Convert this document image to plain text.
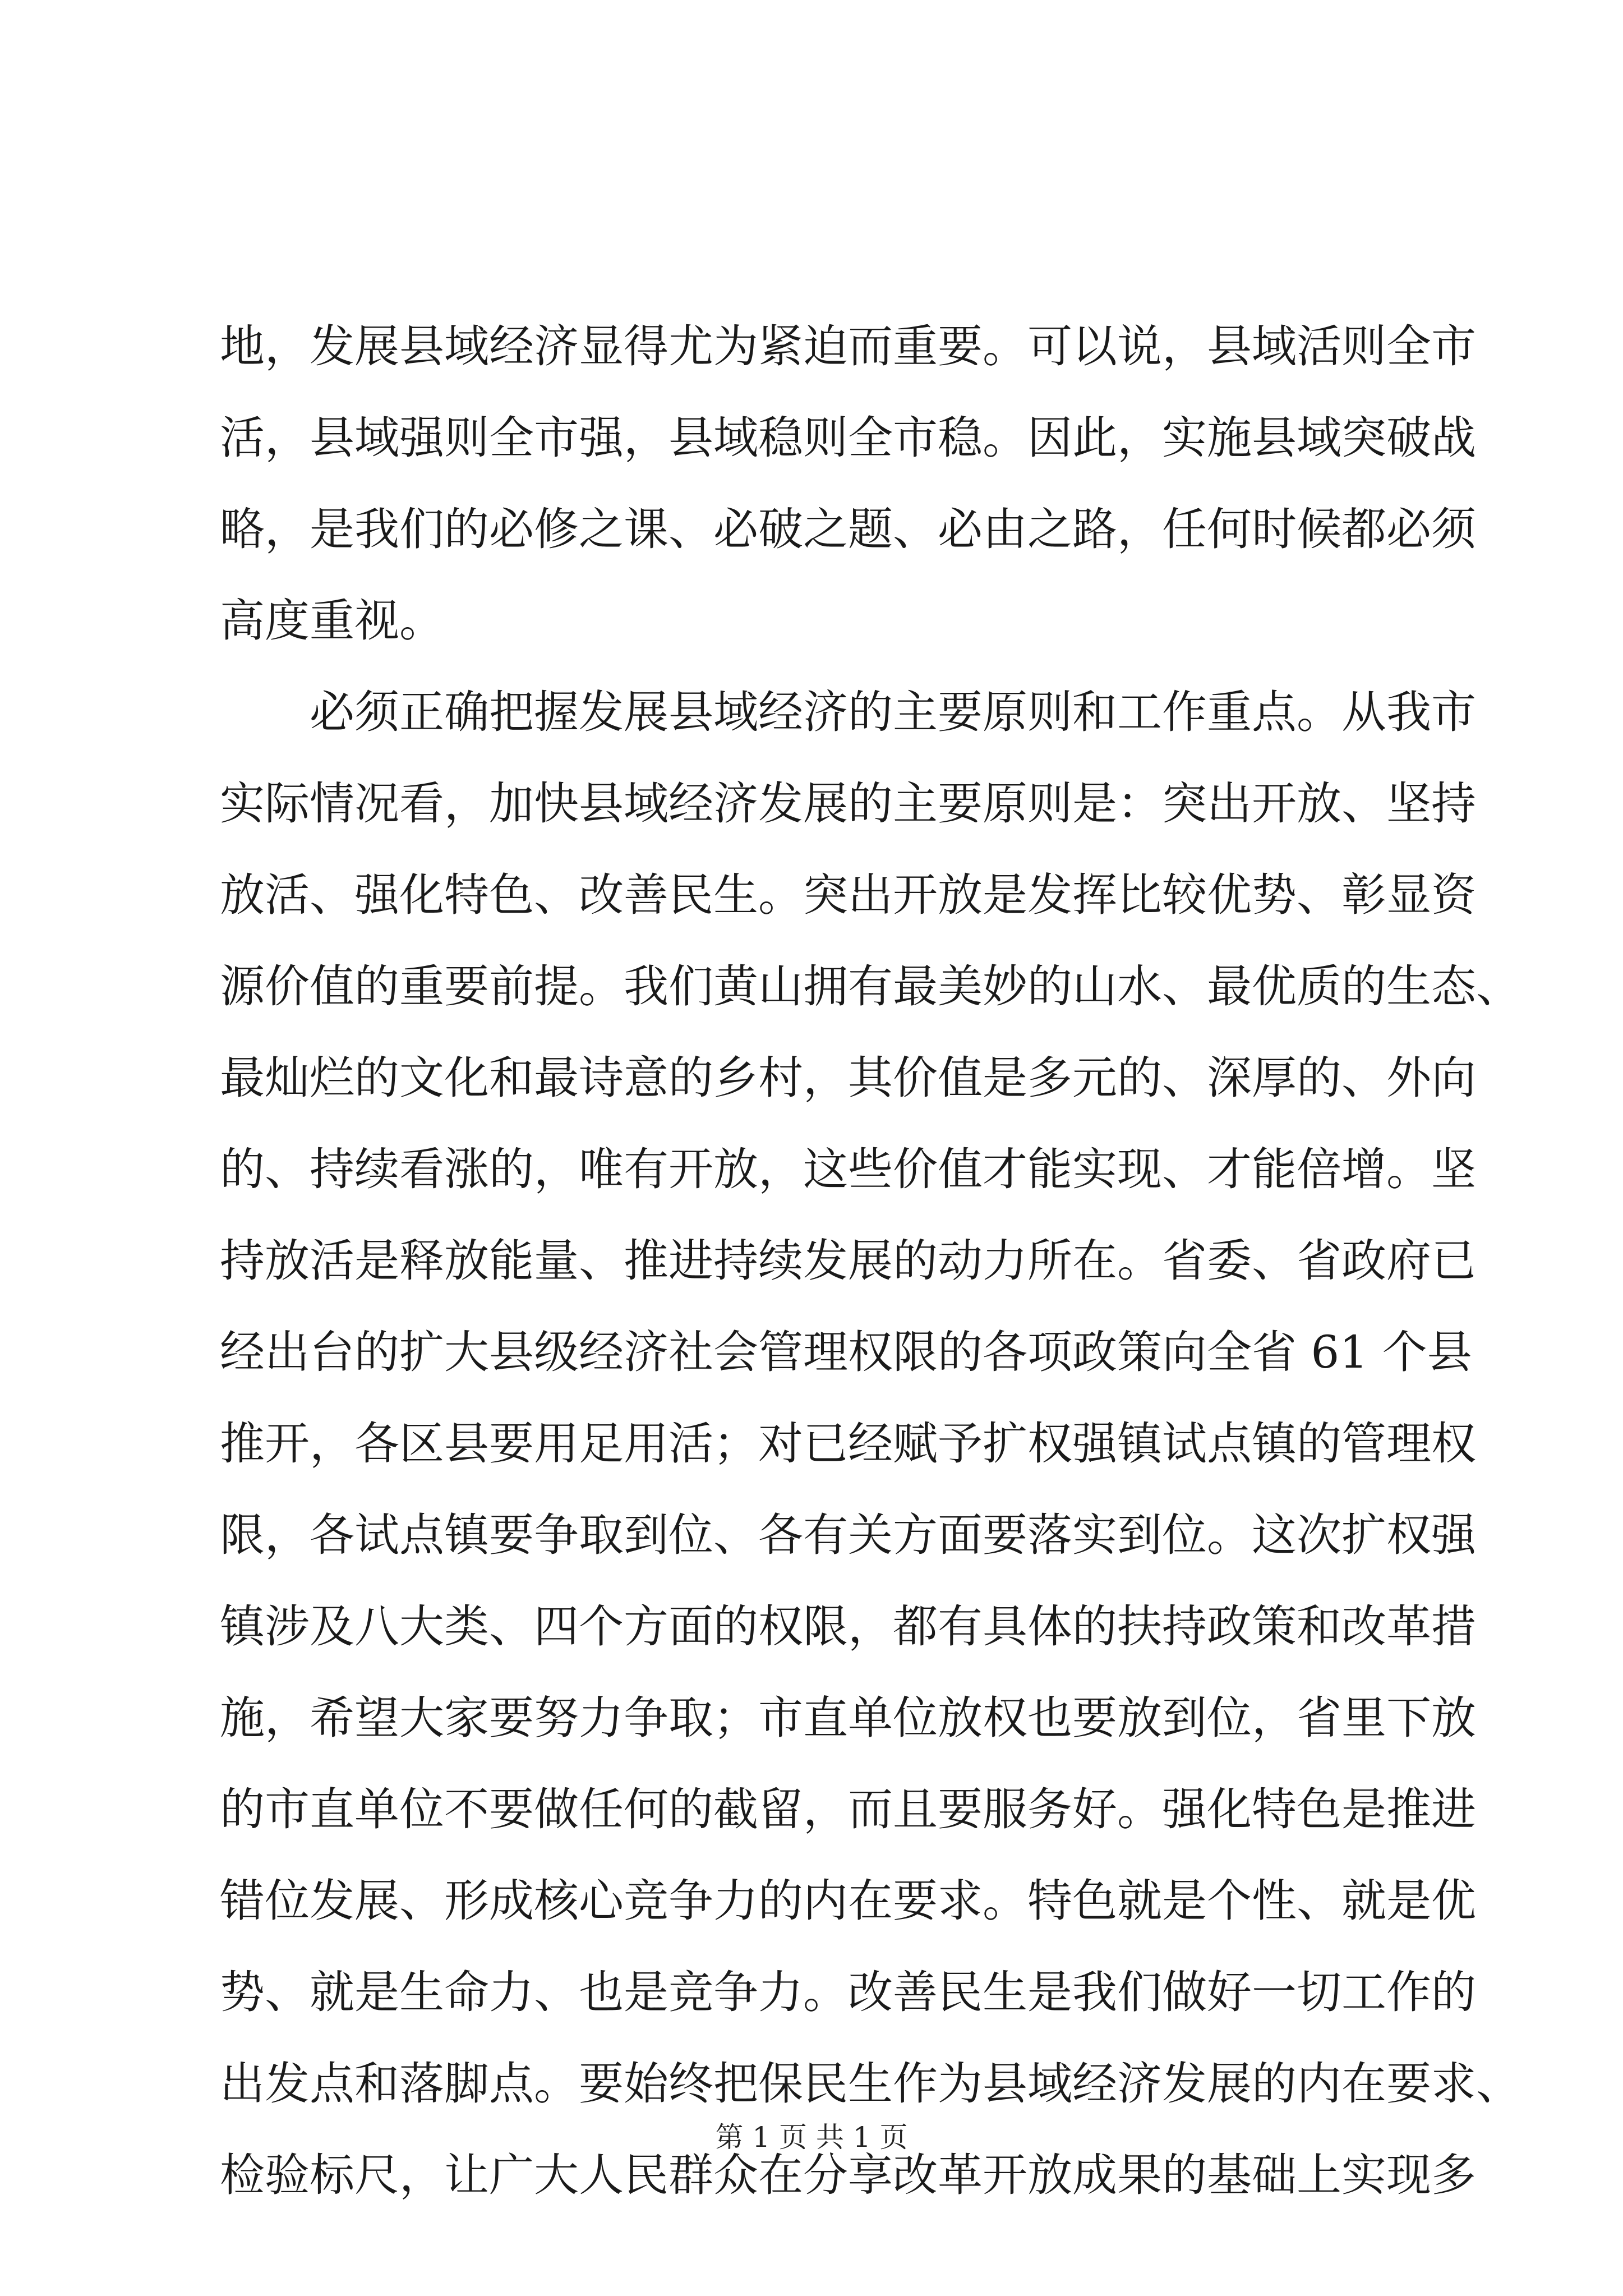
地，发展县域经济显得尤为紧迫而重要。可以说，县域活则全市
活，县域强则全市强，县域稳则全市稳。因此，实施县域突破战
略，是我们的必修之课、必破之题、必由之路，任何时候都必须
高度重视。
　　必须正确把握发展县域经济的主要原则和工作重点。从我市
实际情况看，加快县域经济发展的主要原则是：突出开放、坚持
放活、强化特色、改善民生。突出开放是发挥比较优势、彰显资
源价值的重要前提。我们黄山拥有最美妙的山水、最优质的生态、
最灿烂的文化和最诗意的乡村，其价值是多元的、深厚的、外向
的、持续看涨的，唯有开放，这些价值才能实现、才能倍增。坚
持放活是释放能量、推进持续发展的动力所在。省委、省政府已
经出台的扩大县级经济社会管理权限的各项政策向全省 61 个县
推开，各区县要用足用活；对已经赋予扩权强镇试点镇的管理权
限，各试点镇要争取到位、各有关方面要落实到位。这次扩权强
镇涉及八大类、四个方面的权限，都有具体的扶持政策和改革措
施，希望大家要努力争取；市直单位放权也要放到位，省里下放
的市直单位不要做任何的截留，而且要服务好。强化特色是推进
错位发展、形成核心竞争力的内在要求。特色就是个性、就是优
势、就是生命力、也是竞争力。改善民生是我们做好一切工作的
出发点和落脚点。要始终把保民生作为县域经济发展的内在要求、
检验标尺，让广大人民群众在分享改革开放成果的基础上实现多
第 1 页 共 1 页
